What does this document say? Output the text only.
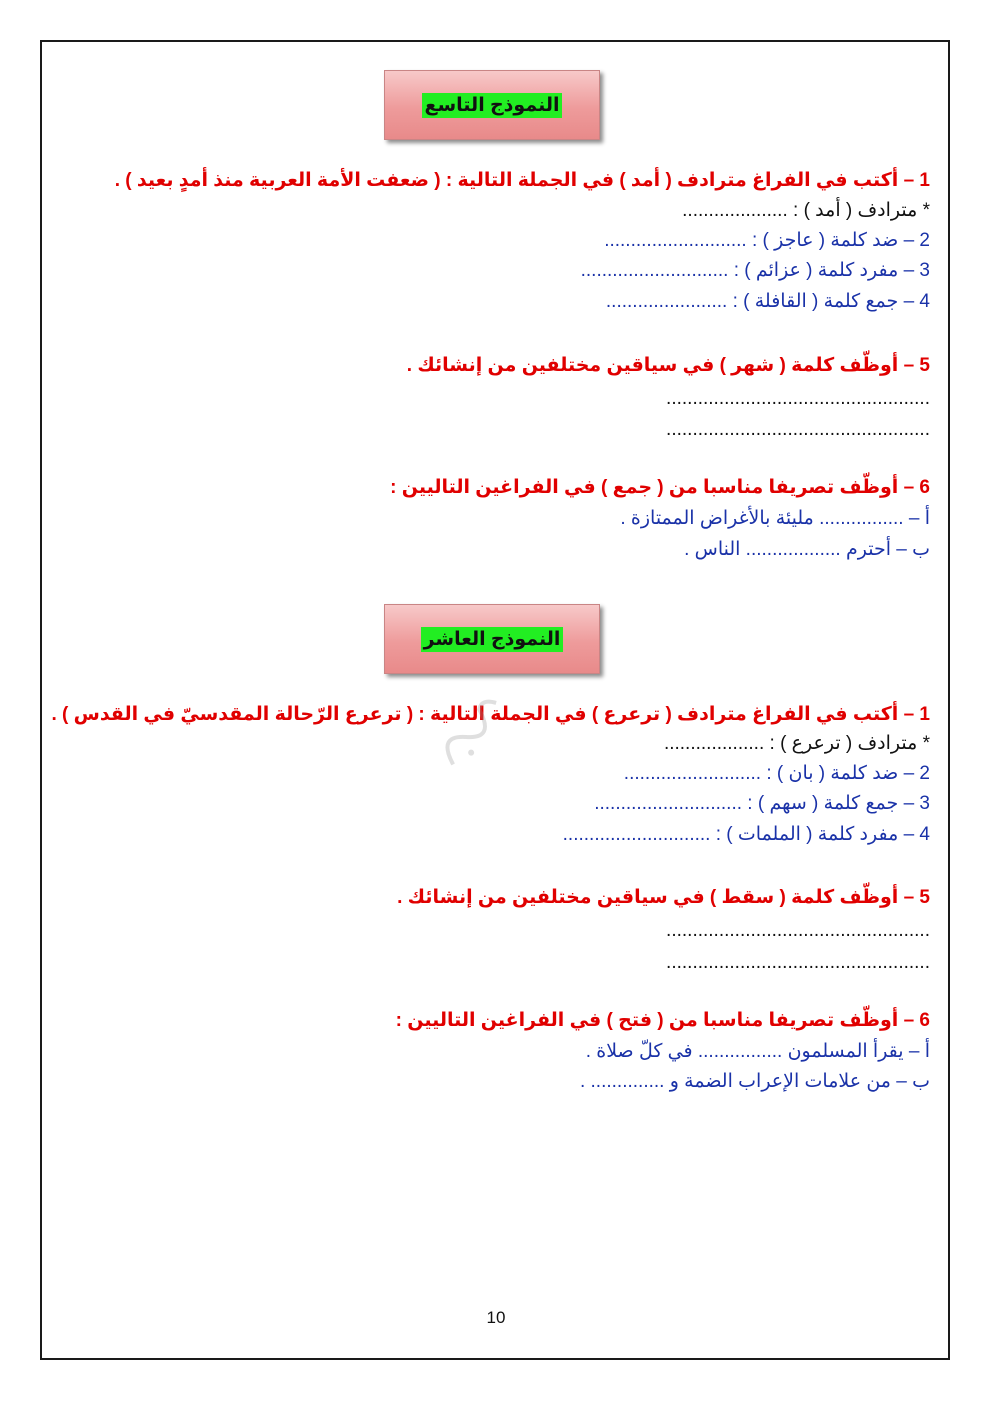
النموذج التاسع
1 – أكتب في الفراغ مترادف ( أمد ) في الجملة التالية : ( ضعفت الأمة العربية منذ أمدٍ بعيد ) .
* مترادف ( أمد ) : ....................
2 – ضد كلمة ( عاجز ) : ...........................
3 – مفرد كلمة ( عزائم ) : ............................
4 – جمع كلمة ( القافلة ) : .......................
5 – أوظّف كلمة ( شهر ) في سياقين مختلفين من إنشائك .
..................................................
..................................................
6 – أوظّف تصريفا مناسبا من ( جمع ) في الفراغين التاليين :
أ – ................ مليئة بالأغراض الممتازة .
ب – أحترم .................. الناس .
النموذج العاشر
1 – أكتب في الفراغ مترادف ( ترعرع ) في الجملة التالية : ( ترعرع الرّحالة المقدسيّ في القدس ) .
* مترادف ( ترعرع ) : ...................
2 – ضد كلمة ( بان ) : ..........................
3 – جمع كلمة ( سهم ) : ............................
4 – مفرد كلمة ( الملمات ) : ............................
5 – أوظّف كلمة ( سقط ) في سياقين مختلفين من إنشائك .
..................................................
..................................................
6 – أوظّف تصريفا مناسبا من ( فتح ) في الفراغين التاليين :
أ – يقرأ المسلمون ................ في كلّ صلاة .
ب – من علامات الإعراب الضمة و .............. .
10
